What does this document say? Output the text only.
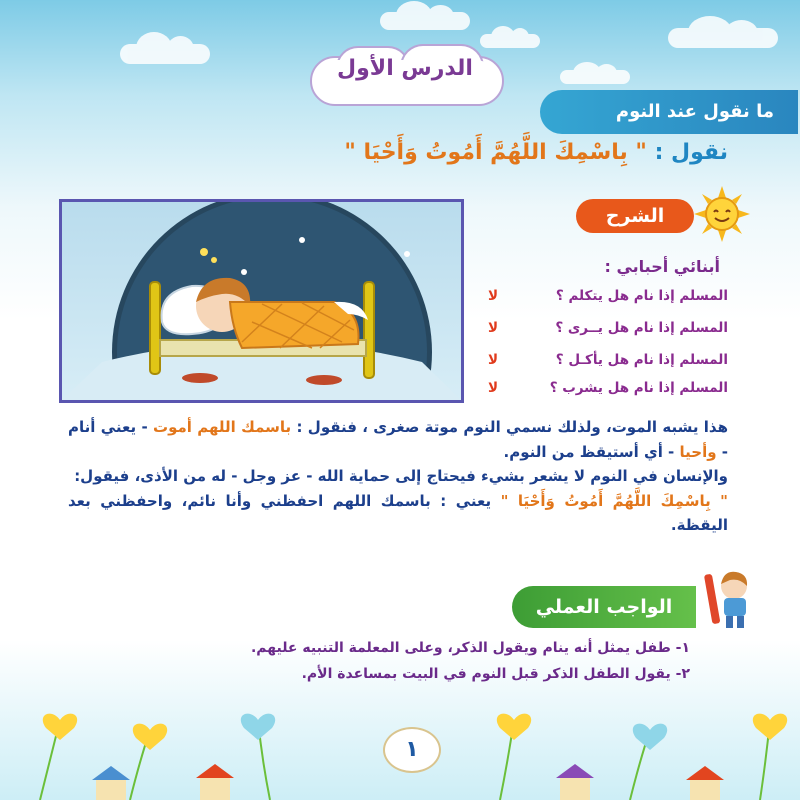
الدرس الأول
ما نقول عند النوم
نقول : " بِاسْمِكَ اللَّهُمَّ أَمُوتُ وَأَحْيَا "
الشرح
أبنائي أحبابي :
المسلم إذا نام هل يتكلم ؟
لا
المسلم إذا نام هل يــرى ؟
لا
المسلم إذا نام هل يأكـل ؟
لا
المسلم إذا نام هل يشرب ؟
لا
هذا يشبه الموت، ولذلك نسمي النوم موتة صغرى ، فنقول : باسمك اللهم أموت - يعني أنام - وأحيا - أي أستيقظ من النوم.
والإنسان في النوم لا يشعر بشيء فيحتاج إلى حماية الله - عز وجل - له من الأذى، فيقول:
" بِاسْمِكَ اللَّهُمَّ أَمُوتُ وَأَحْيَا " يعني : باسمك اللهم احفظني وأنا نائم، واحفظني بعد اليقظة.
الواجب العملي
١- طفل يمثل أنه ينام ويقول الذكر، وعلى المعلمة التنبيه عليهم.
٢- يقول الطفل الذكر قبل النوم في البيت بمساعدة الأم.
١
